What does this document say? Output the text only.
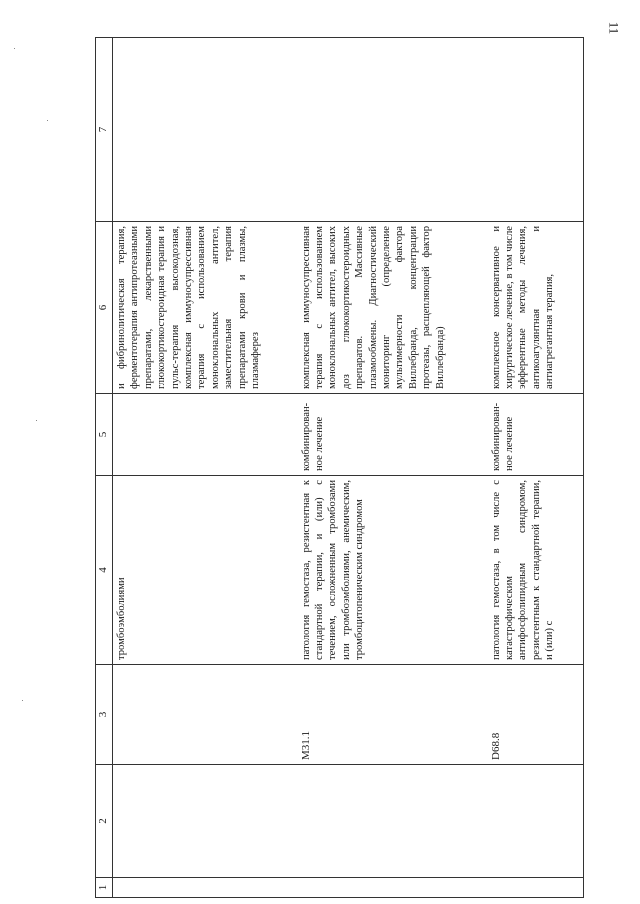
11
1	2	3	4	5	6	7
			тромбоэмболиями		и фибринолитическая терапия, ферментотерапия антипротеазными препаратами, лекарственными глюкокортикостероидная терапия и пульс-терапия высокодозная, комплексная иммуносупрессивная терапия с использованием моноклональных антител, заместительная терапия препаратами крови и плазмы, плазмаферез	
		M31.1	патология гемостаза, резистентная к стандартной терапии, и (или) с течением, осложненным тромбозами или тромбоэмболиями, анемическим, тромбоцитопеническим синдромом	комбинирован-ное лечение	комплексная иммуносупрессивная терапия с использованием моноклональных антител, высоких доз глюкокортикостероидных препаратов. Массивные плазмообмены. Диагностический мониторинг (определение мультимерности фактора Виллебранда, концентрации протеазы, расщепляющей фактор Виллебранда)	
		D68.8	патология гемостаза, в том числе с катастрофическим антифосфолипидным синдромом, резистентным к стандартной терапии, и (или) с	комбинирован-ное лечение	комплексное консервативное и хирургическое лечение, в том числе эфферентные методы лечения, антикоагулянтная и антиагрегантная терапия,	
